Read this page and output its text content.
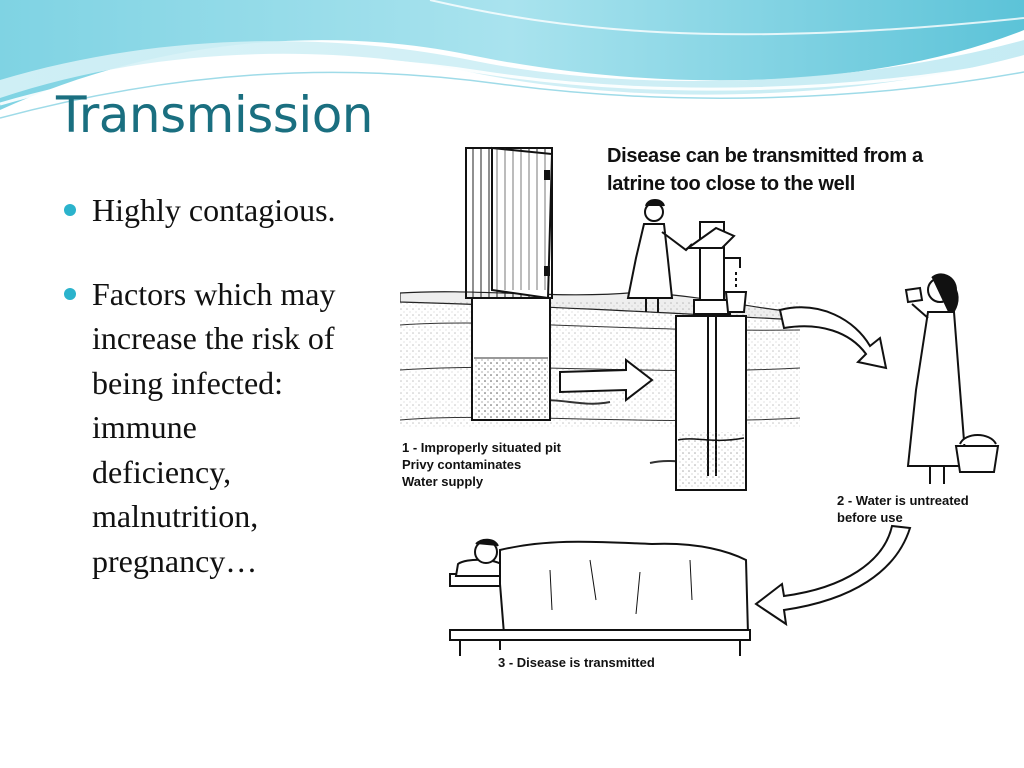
Transmission
Highly contagious.
Factors which may
increase the risk of
being infected:
immune
deficiency,
malnutrition,
pregnancy…
Disease can be transmitted from a
latrine too close to the well
1 - Improperly situated pit
Privy contaminates
Water supply
2 - Water is untreated
before use
3 - Disease is transmitted
